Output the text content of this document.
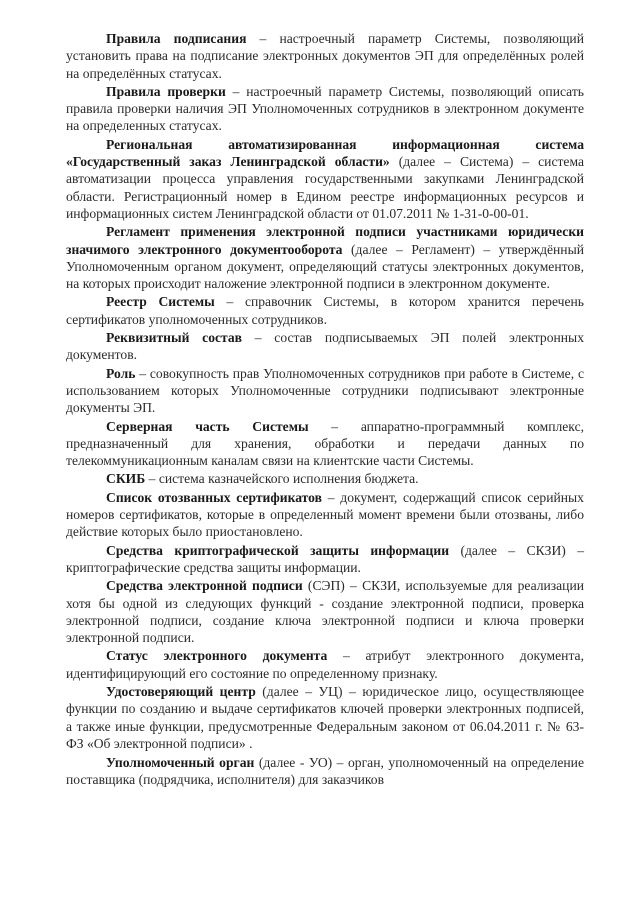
Правила подписания – настроечный параметр Системы, позволяющий установить права на подписание электронных документов ЭП для определённых ролей на определённых статусах.

Правила проверки – настроечный параметр Системы, позволяющий описать правила проверки наличия ЭП Уполномоченных сотрудников в электронном документе на определенных статусах.

Региональная автоматизированная информационная система «Государственный заказ Ленинградской области» (далее – Система) – система автоматизации процесса управления государственными закупками Ленинградской области. Регистрационный номер в Едином реестре информационных ресурсов и информационных систем Ленинградской области от 01.07.2011 № 1-31-0-00-01.

Регламент применения электронной подписи участниками юридически значимого электронного документооборота (далее – Регламент) – утверждённый Уполномоченным органом документ, определяющий статусы электронных документов, на которых происходит наложение электронной подписи в электронном документе.

Реестр Системы – справочник Системы, в котором хранится перечень сертификатов уполномоченных сотрудников.

Реквизитный состав – состав подписываемых ЭП полей электронных документов.

Роль – совокупность прав Уполномоченных сотрудников при работе в Системе, с использованием которых Уполномоченные сотрудники подписывают электронные документы ЭП.

Серверная часть Системы – аппаратно-программный комплекс, предназначенный для хранения, обработки и передачи данных по телекоммуникационным каналам связи на клиентские части Системы.

СКИБ – система казначейского исполнения бюджета.

Список отозванных сертификатов – документ, содержащий список серийных номеров сертификатов, которые в определенный момент времени были отозваны, либо действие которых было приостановлено.

Средства криптографической защиты информации (далее – СКЗИ) – криптографические средства защиты информации.

Средства электронной подписи (СЭП) – СКЗИ, используемые для реализации хотя бы одной из следующих функций - создание электронной подписи, проверка электронной подписи, создание ключа электронной подписи и ключа проверки электронной подписи.

Статус электронного документа – атрибут электронного документа, идентифицирующий его состояние по определенному признаку.

Удостоверяющий центр (далее – УЦ) – юридическое лицо, осуществляющее функции по созданию и выдаче сертификатов ключей проверки электронных подписей, а также иные функции, предусмотренные Федеральным законом от 06.04.2011 г. № 63-ФЗ «Об электронной подписи» .

Уполномоченный орган (далее - УО) – орган, уполномоченный на определение поставщика (подрядчика, исполнителя) для заказчиков
